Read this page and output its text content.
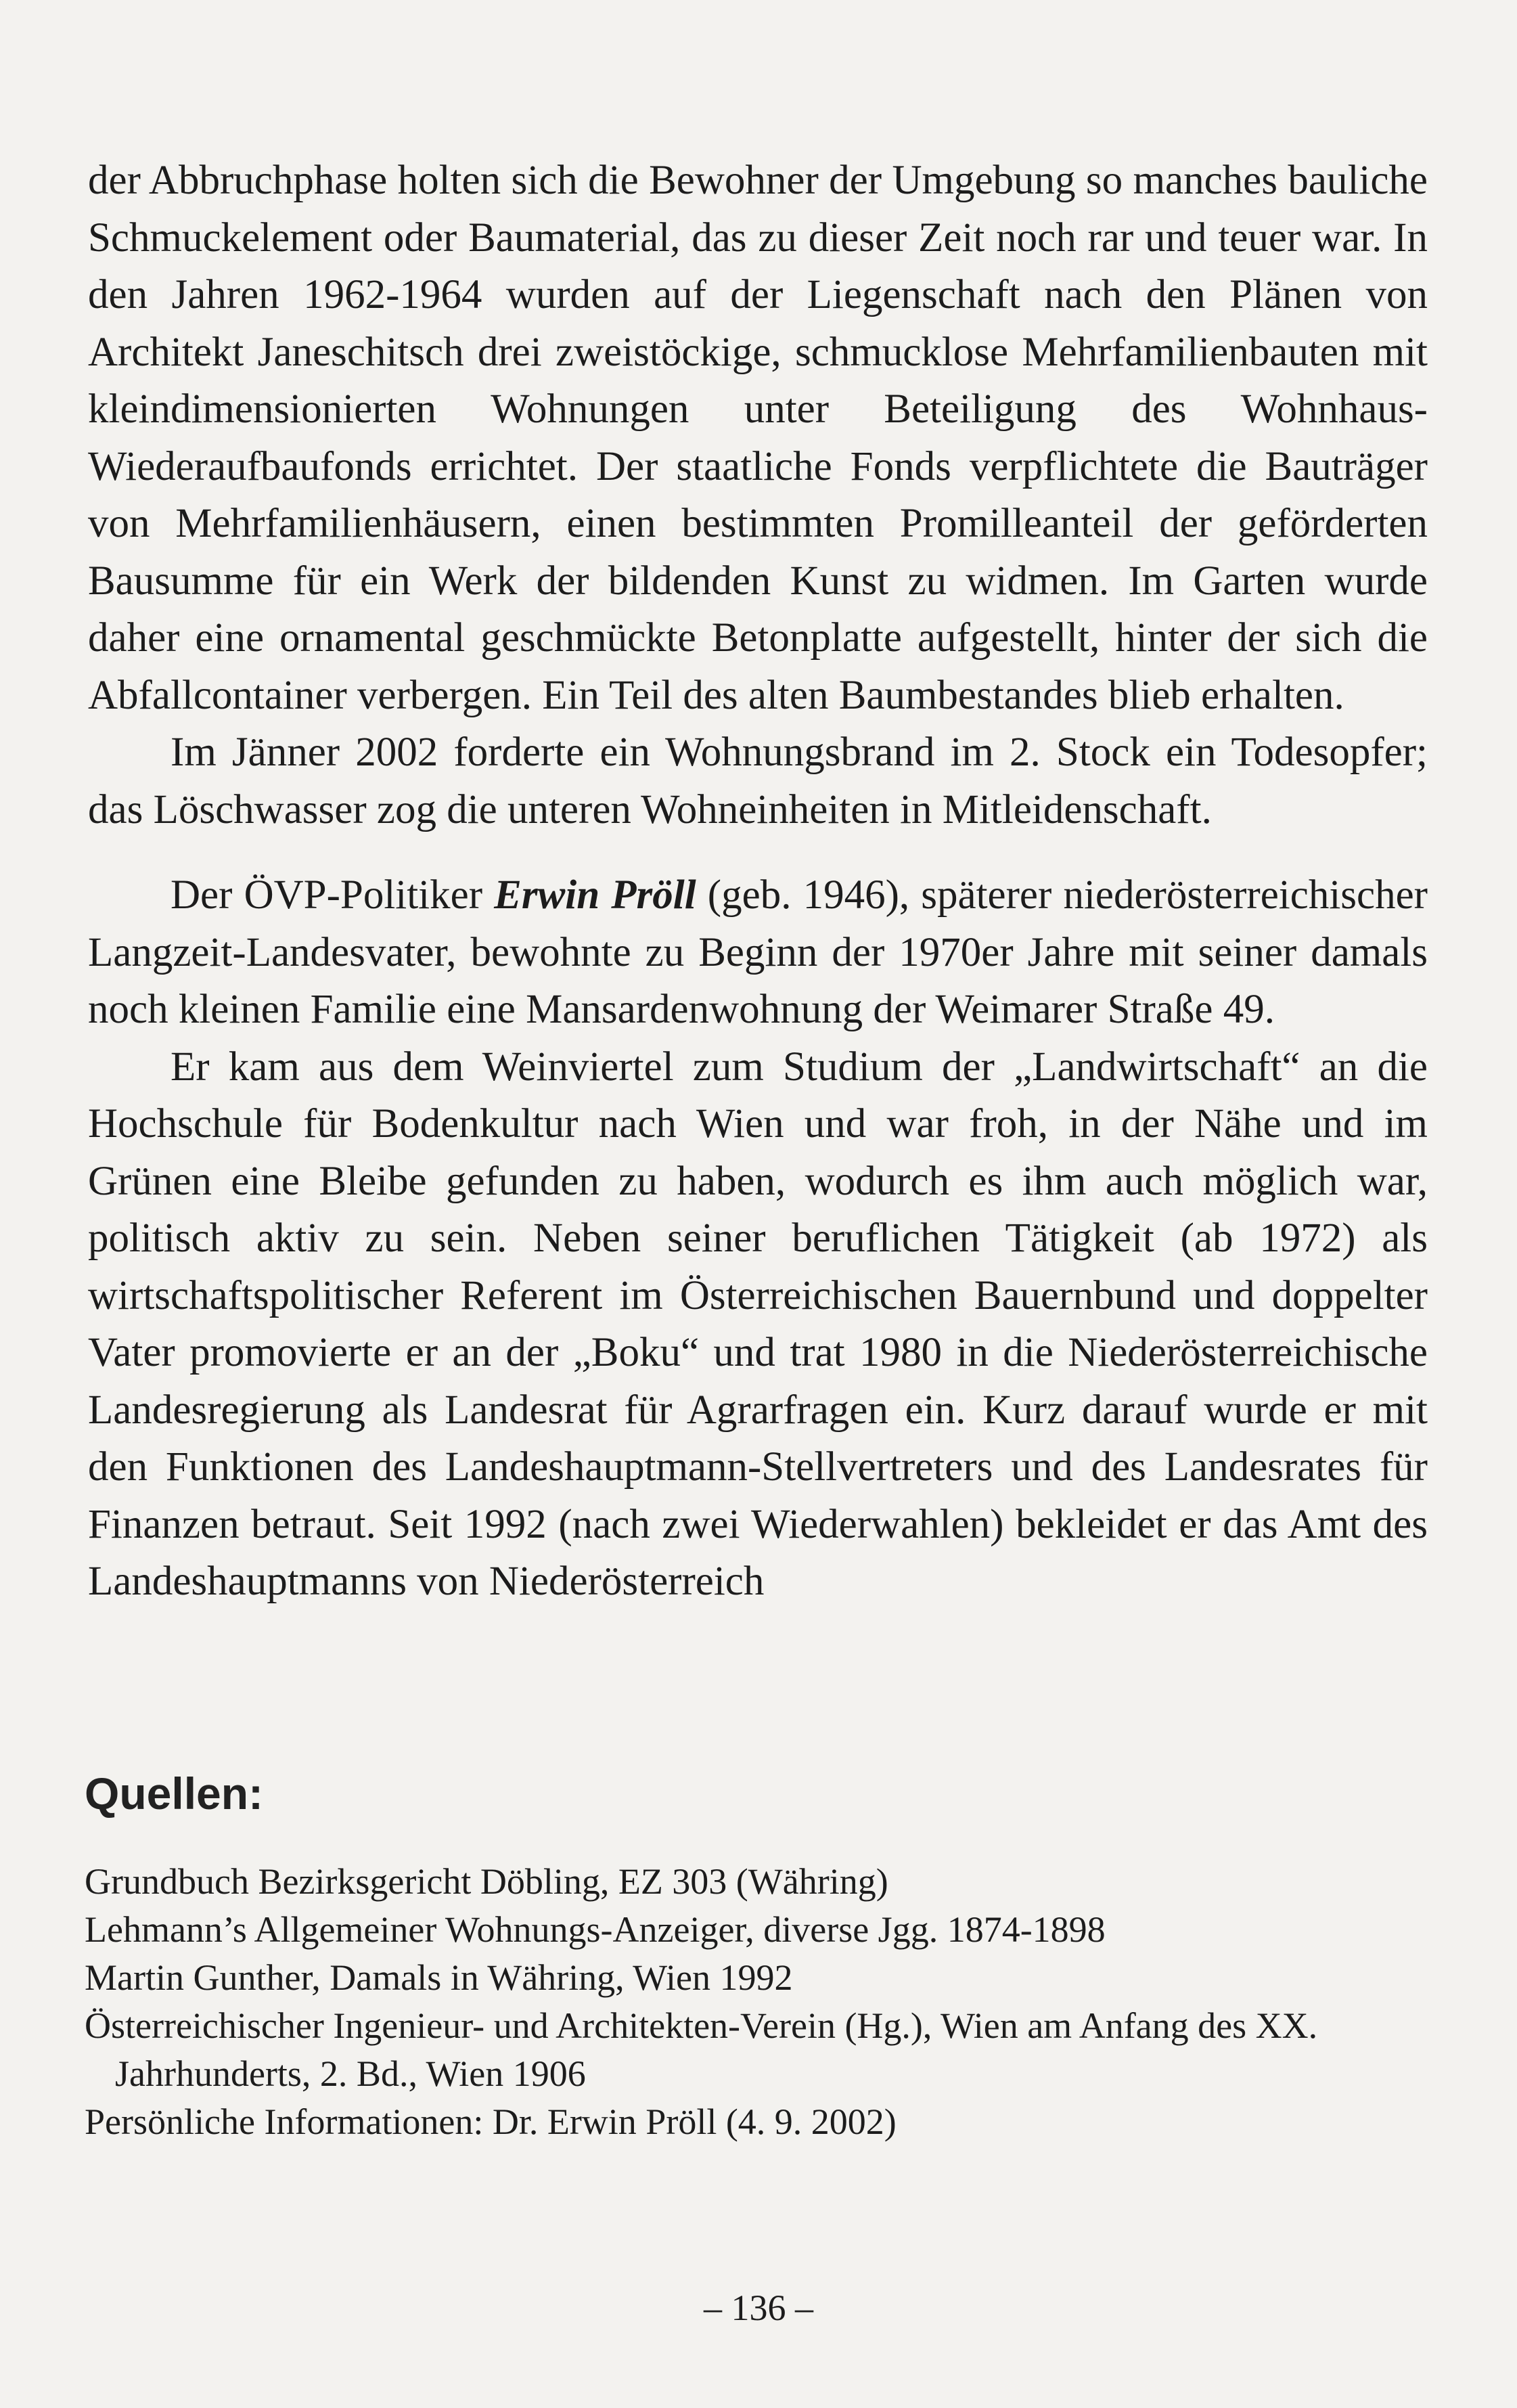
der Abbruchphase holten sich die Bewohner der Umgebung so manches bauliche Schmuckelement oder Baumaterial, das zu dieser Zeit noch rar und teuer war. In den Jahren 1962-1964 wurden auf der Liegenschaft nach den Plänen von Architekt Janeschitsch drei zweistöckige, schmucklose Mehrfamilienbauten mit kleindimensionierten Wohnungen unter Beteiligung des Wohnhaus-Wiederaufbaufonds errichtet. Der staatliche Fonds verpflichtete die Bauträger von Mehrfamilienhäusern, einen bestimmten Promilleanteil der geförderten Bausumme für ein Werk der bildenden Kunst zu widmen. Im Garten wurde daher eine ornamental geschmückte Betonplatte aufgestellt, hinter der sich die Abfallcontainer verbergen. Ein Teil des alten Baumbestandes blieb erhalten.

Im Jänner 2002 forderte ein Wohnungsbrand im 2. Stock ein Todesopfer; das Löschwasser zog die unteren Wohneinheiten in Mitleidenschaft.

Der ÖVP-Politiker Erwin Pröll (geb. 1946), späterer niederösterreichischer Langzeit-Landesvater, bewohnte zu Beginn der 1970er Jahre mit seiner damals noch kleinen Familie eine Mansardenwohnung der Weimarer Straße 49.

Er kam aus dem Weinviertel zum Studium der „Landwirtschaft“ an die Hochschule für Bodenkultur nach Wien und war froh, in der Nähe und im Grünen eine Bleibe gefunden zu haben, wodurch es ihm auch möglich war, politisch aktiv zu sein. Neben seiner beruflichen Tätigkeit (ab 1972) als wirtschaftspolitischer Referent im Österreichischen Bauernbund und doppelter Vater promovierte er an der „Boku“ und trat 1980 in die Niederösterreichische Landesregierung als Landesrat für Agrarfragen ein. Kurz darauf wurde er mit den Funktionen des Landeshauptmann-Stellvertreters und des Landesrates für Finanzen betraut. Seit 1992 (nach zwei Wiederwahlen) bekleidet er das Amt des Landeshauptmanns von Niederösterreich

Quellen:
Grundbuch Bezirksgericht Döbling, EZ 303 (Währing)
Lehmann’s Allgemeiner Wohnungs-Anzeiger, diverse Jgg. 1874-1898
Martin Gunther, Damals in Währing, Wien 1992
Österreichischer Ingenieur- und Architekten-Verein (Hg.), Wien am Anfang des XX. Jahrhunderts, 2. Bd., Wien 1906
Persönliche Informationen: Dr. Erwin Pröll (4. 9. 2002)
– 136 –
